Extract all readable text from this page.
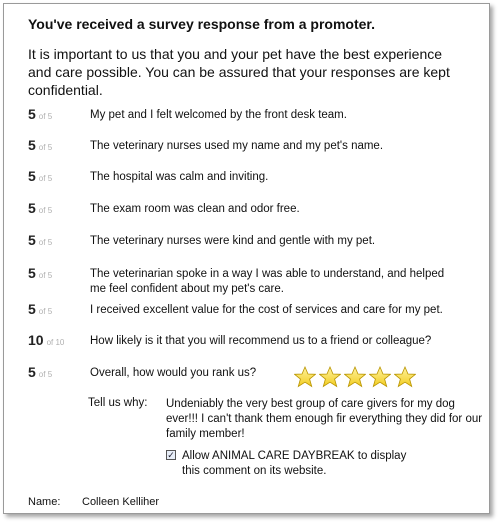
You've received a survey response from a promoter.
It is important to us that you and your pet have the best experience and care possible. You can be assured that your responses are kept confidential.
5 of 5	My pet and I felt welcomed by the front desk team.
5 of 5	The veterinary nurses used my name and my pet's name.
5 of 5	The hospital was calm and inviting.
5 of 5	The exam room was clean and odor free.
5 of 5	The veterinary nurses were kind and gentle with my pet.
5 of 5	The veterinarian spoke in a way I was able to understand, and helped me feel confident about my pet's care.
5 of 5	I received excellent value for the cost of services and care for my pet.
10 of 10	How likely is it that you will recommend us to a friend or colleague?
5 of 5	Overall, how would you rank us?
Tell us why: Undeniably the very best group of care givers for my dog ever!!! I can't thank them enough fir everything they did for our family member!
✓ Allow ANIMAL CARE DAYBREAK to display this comment on its website.
Name: Colleen Kelliher
